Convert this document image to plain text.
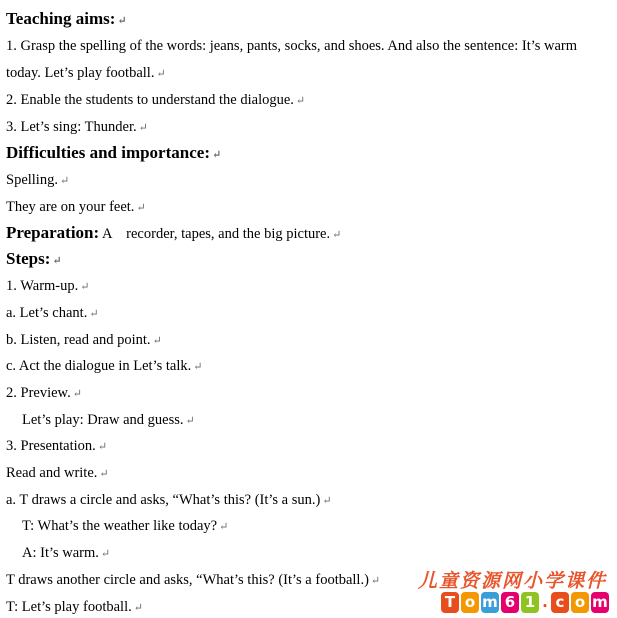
Teaching aims: ↵
1. Grasp the spelling of the words: jeans, pants, socks, and shoes. And also the sentence: It’s warm today. Let’s play football. ↵
2. Enable the students to understand the dialogue. ↵
3. Let’s sing: Thunder. ↵
Difficulties and importance: ↵
Spelling. ↵
They are on your feet. ↵
Preparation: A    recorder, tapes, and the big picture. ↵
Steps: ↵
1. Warm-up. ↵
a. Let’s chant. ↵
b. Listen, read and point. ↵
c. Act the dialogue in Let’s talk. ↵
2. Preview. ↵
Let’s play: Draw and guess. ↵
3. Presentation. ↵
Read and write. ↵
a. T draws a circle and asks, “What’s this? (It’s a sun.) ↵
T: What’s the weather like today? ↵
A: It’s warm. ↵
T draws another circle and asks, “What’s this? (It’s a football.) ↵
T: Let’s play football. ↵
儿童资源网小学课件
T o m 6 1 . c o m
